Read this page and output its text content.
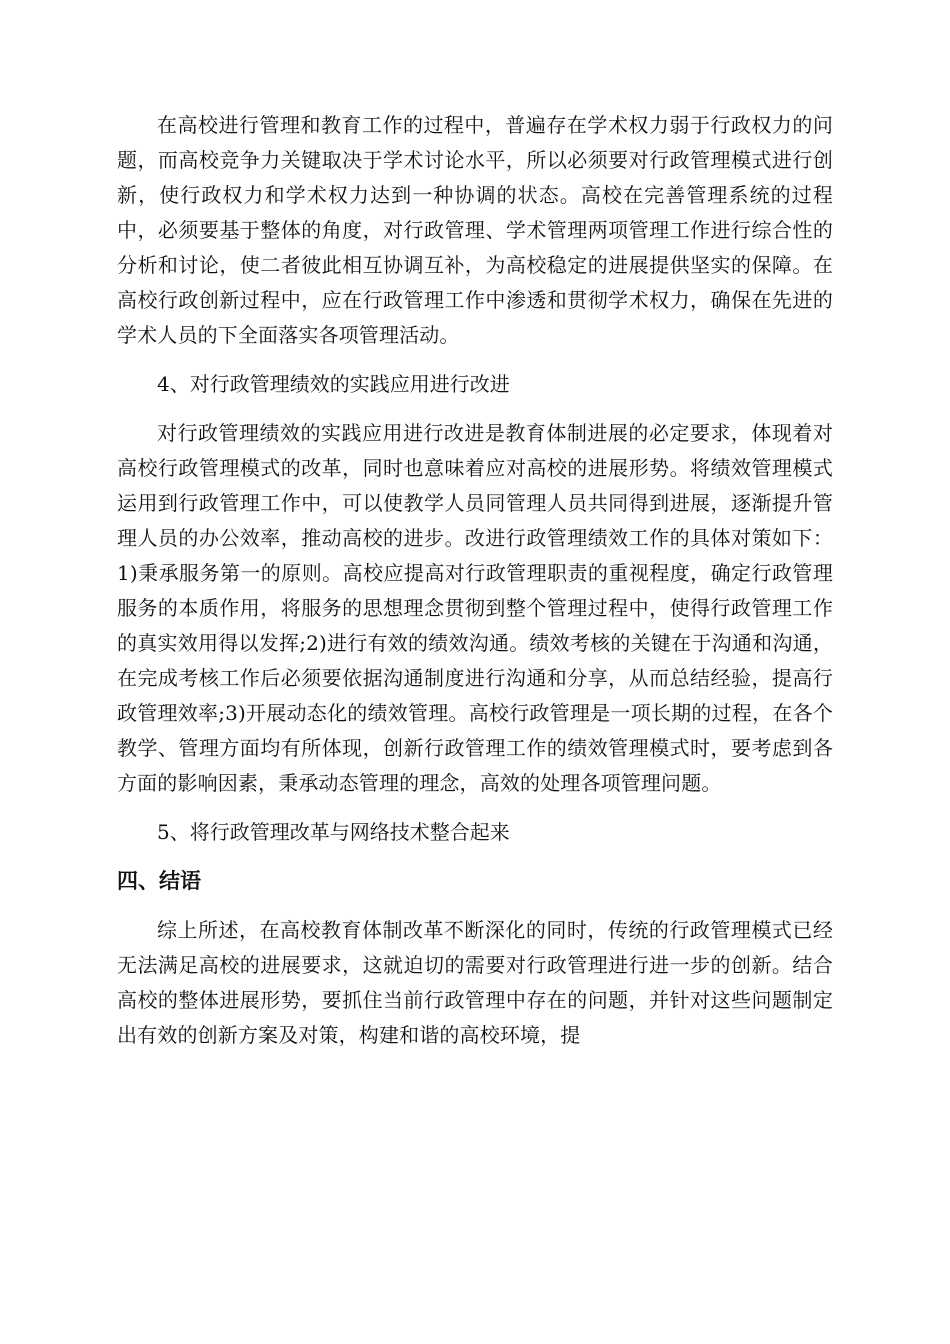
在高校进行管理和教育工作的过程中，普遍存在学术权力弱于行政权力的问题，而高校竞争力关键取决于学术讨论水平，所以必须要对行政管理模式进行创新，使行政权力和学术权力达到一种协调的状态。高校在完善管理系统的过程中，必须要基于整体的角度，对行政管理、学术管理两项管理工作进行综合性的分析和讨论，使二者彼此相互协调互补，为高校稳定的进展提供坚实的保障。在高校行政创新过程中，应在行政管理工作中渗透和贯彻学术权力，确保在先进的学术人员的下全面落实各项管理活动。

4、对行政管理绩效的实践应用进行改进

对行政管理绩效的实践应用进行改进是教育体制进展的必定要求，体现着对高校行政管理模式的改革，同时也意味着应对高校的进展形势。将绩效管理模式运用到行政管理工作中，可以使教学人员同管理人员共同得到进展，逐渐提升管理人员的办公效率，推动高校的进步。改进行政管理绩效工作的具体对策如下：1)秉承服务第一的原则。高校应提高对行政管理职责的重视程度，确定行政管理服务的本质作用，将服务的思想理念贯彻到整个管理过程中，使得行政管理工作的真实效用得以发挥;2)进行有效的绩效沟通。绩效考核的关键在于沟通和沟通，在完成考核工作后必须要依据沟通制度进行沟通和分享，从而总结经验，提高行政管理效率;3)开展动态化的绩效管理。高校行政管理是一项长期的过程，在各个教学、管理方面均有所体现，创新行政管理工作的绩效管理模式时，要考虑到各方面的影响因素，秉承动态管理的理念，高效的处理各项管理问题。

5、将行政管理改革与网络技术整合起来

四、结语

综上所述，在高校教育体制改革不断深化的同时，传统的行政管理模式已经无法满足高校的进展要求，这就迫切的需要对行政管理进行进一步的创新。结合高校的整体进展形势，要抓住当前行政管理中存在的问题，并针对这些问题制定出有效的创新方案及对策，构建和谐的高校环境，提
